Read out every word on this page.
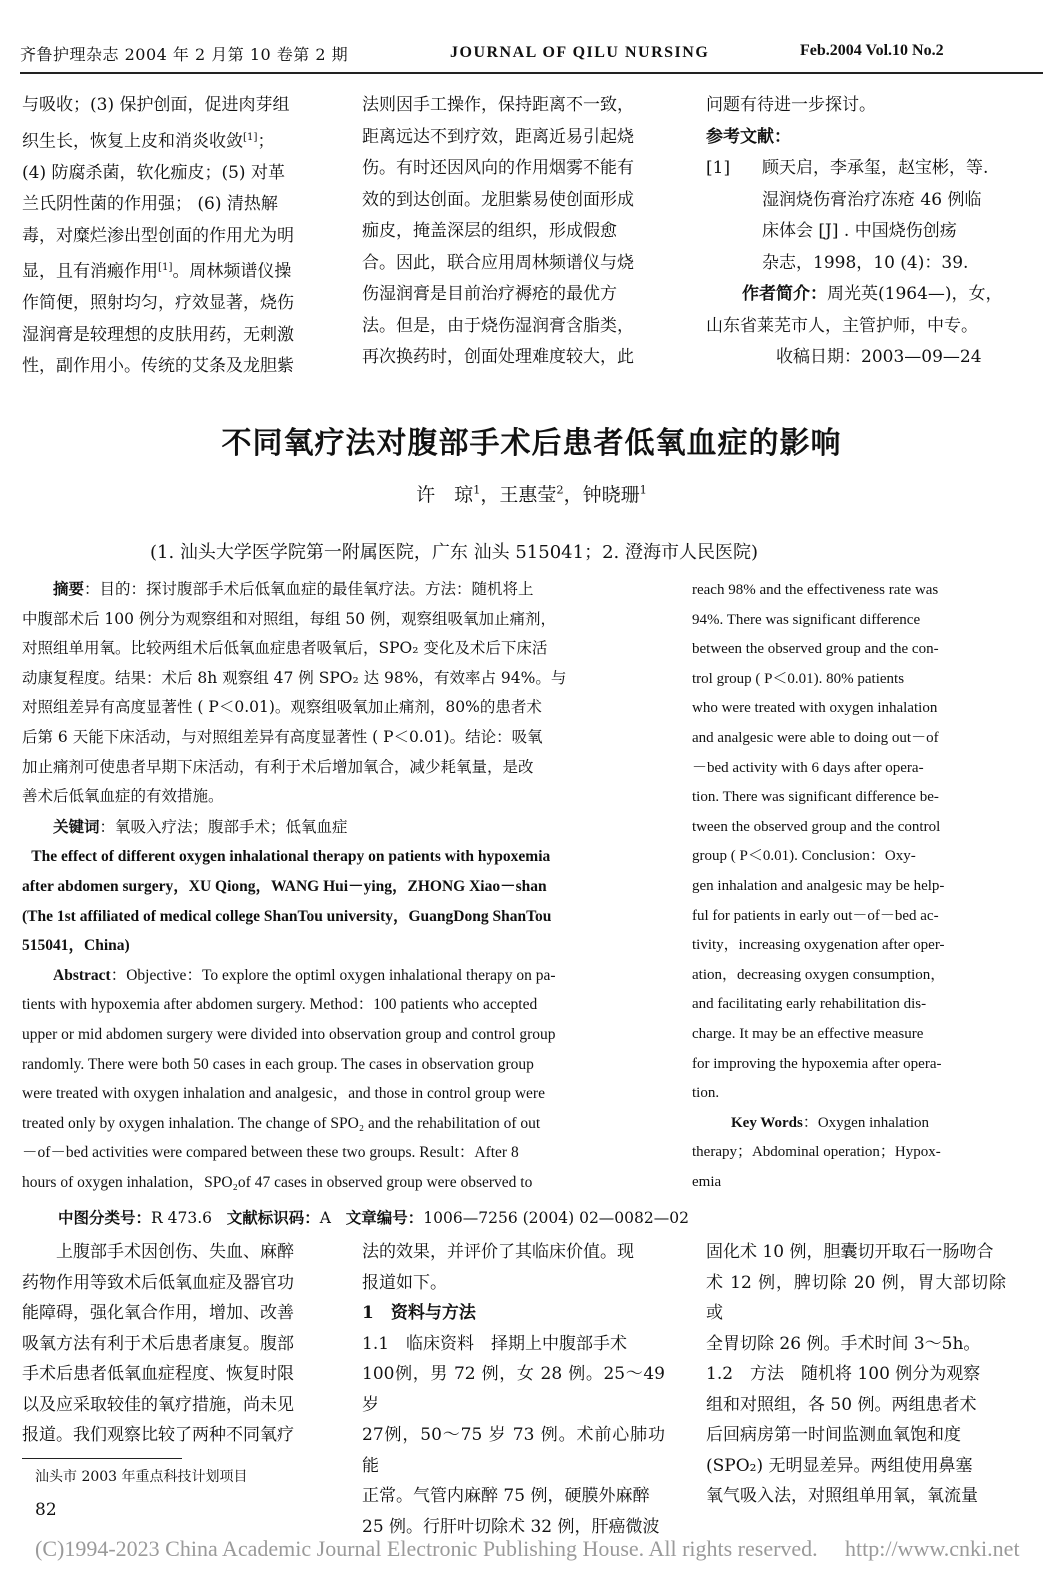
齐鲁护理杂志 2004 年 2 月第 10 卷第 2 期	JOURNAL OF QILU NURSING	Feb.2004 Vol.10 No.2

与吸收；(3) 保护创面，促进肉芽组

织生长，恢复上皮和消炎收敛[1]；

(4) 防腐杀菌，软化痂皮；(5) 对革

兰氏阴性菌的作用强； (6) 清热解

毒，对糜烂渗出型创面的作用尤为明

显，且有消瘢作用[1]。周林频谱仪操

作简便，照射均匀，疗效显著，烧伤

湿润膏是较理想的皮肤用药，无刺激

性，副作用小。传统的艾条及龙胆紫

法则因手工操作，保持距离不一致，

距离远达不到疗效，距离近易引起烧

伤。有时还因风向的作用烟雾不能有

效的到达创面。龙胆紫易使创面形成

痂皮，掩盖深层的组织，形成假愈

合。因此，联合应用周林频谱仪与烧

伤湿润膏是目前治疗褥疮的最优方

法。但是，由于烧伤湿润膏含脂类，

再次换药时，创面处理难度较大，此

问题有待进一步探讨。

参考文献：

[1]	顾天启，李承玺，赵宝彬，等.

湿润烧伤膏治疗冻疮 46 例临

床体会 [J] . 中国烧伤创疡

杂志，1998，10 (4)：39.

作者简介：周光英(1964—)，女，

山东省莱芜市人，主管护师，中专。

收稿日期：2003—09—24

不同氧疗法对腹部手术后患者低氧血症的影响
许　琼$^1$，王惠莹$^2$，钟晓珊$^1$
(1. 汕头大学医学院第一附属医院，广东 汕头 515041；2. 澄海市人民医院)

摘要：目的：探讨腹部手术后低氧血症的最佳氧疗法。方法：随机将上

中腹部术后 100 例分为观察组和对照组，每组 50 例，观察组吸氧加止痛剂，

对照组单用氧。比较两组术后低氧血症患者吸氧后，SPO₂ 变化及术后下床活

动康复程度。结果：术后 8h 观察组 47 例 SPO₂ 达 98%，有效率占 94%。与

对照组差异有高度显著性 ( P＜0.01)。观察组吸氧加止痛剂，80%的患者术

后第 6 天能下床活动，与对照组差异有高度显著性 ( P＜0.01)。结论：吸氧

加止痛剂可使患者早期下床活动，有利于术后增加氧合，减少耗氧量，是改

善术后低氧血症的有效措施。

关键词：氧吸入疗法；腹部手术；低氧血症

The effect of different oxygen inhalational therapy on patients with hypoxemia

after abdomen surgery，XU Qiong，WANG Hui－ying，ZHONG Xiao－shan

(The 1st affiliated of medical college ShanTou university，GuangDong ShanTou

515041，China)

Abstract：Objective：To explore the optiml oxygen inhalational therapy on pa-

tients with hypoxemia after abdomen surgery. Method：100 patients who accepted

upper or mid abdomen surgery were divided into observation group and control group

randomly. There were both 50 cases in each group. The cases in observation group

were treated with oxygen inhalation and analgesic，and those in control group were

treated only by oxygen inhalation. The change of SPO₂ and the rehabilitation of out

－of－bed activities were compared between these two groups. Result：After 8

hours of oxygen inhalation，SPO₂of 47 cases in observed group were observed to

reach 98% and the effectiveness rate was

94%. There was significant difference

between the observed group and the con-

trol group ( P＜0.01). 80% patients

who were treated with oxygen inhalation

and analgesic were able to doing out－of

－bed activity with 6 days after opera-

tion. There was significant difference be-

tween the observed group and the control

group ( P＜0.01). Conclusion：Oxy-

gen inhalation and analgesic may be help-

ful for patients in early out－of－bed ac-

tivity，increasing oxygenation after oper-

ation，decreasing oxygen consumption，

and facilitating early rehabilitation dis-

charge. It may be an effective measure

for improving the hypoxemia after opera-

tion.

Key Words：Oxygen inhalation

therapy；Abdominal operation；Hypox-

emia

中图分类号：R 473.6 文献标识码：A 文章编号：1006—7256 (2004) 02—0082—02

上腹部手术因创伤、失血、麻醉

药物作用等致术后低氧血症及器官功

能障碍，强化氧合作用，增加、改善

吸氧方法有利于术后患者康复。腹部

手术后患者低氧血症程度、恢复时限

以及应采取较佳的氧疗措施，尚未见

报道。我们观察比较了两种不同氧疗

法的效果，并评价了其临床价值。现

报道如下。

1　资料与方法

1.1　临床资料　择期上中腹部手术

100例，男 72 例，女 28 例。25～49 岁

27例，50～75 岁 73 例。术前心肺功能

正常。气管内麻醉 75 例，硬膜外麻醉

25 例。行肝叶切除术 32 例，肝癌微波

固化术 10 例，胆囊切开取石一肠吻合

术 12 例，脾切除 20 例，胃大部切除或

全胃切除 26 例。手术时间 3～5h。

1.2　方法　随机将 100 例分为观察

组和对照组，各 50 例。两组患者术

后回病房第一时间监测血氧饱和度

(SPO₂) 无明显差异。两组使用鼻塞

氧气吸入法，对照组单用氧，氧流量

汕头市 2003 年重点科技计划项目
82
(C)1994-2023 China Academic Journal Electronic Publishing House. All rights reserved. http://www.cnki.net
